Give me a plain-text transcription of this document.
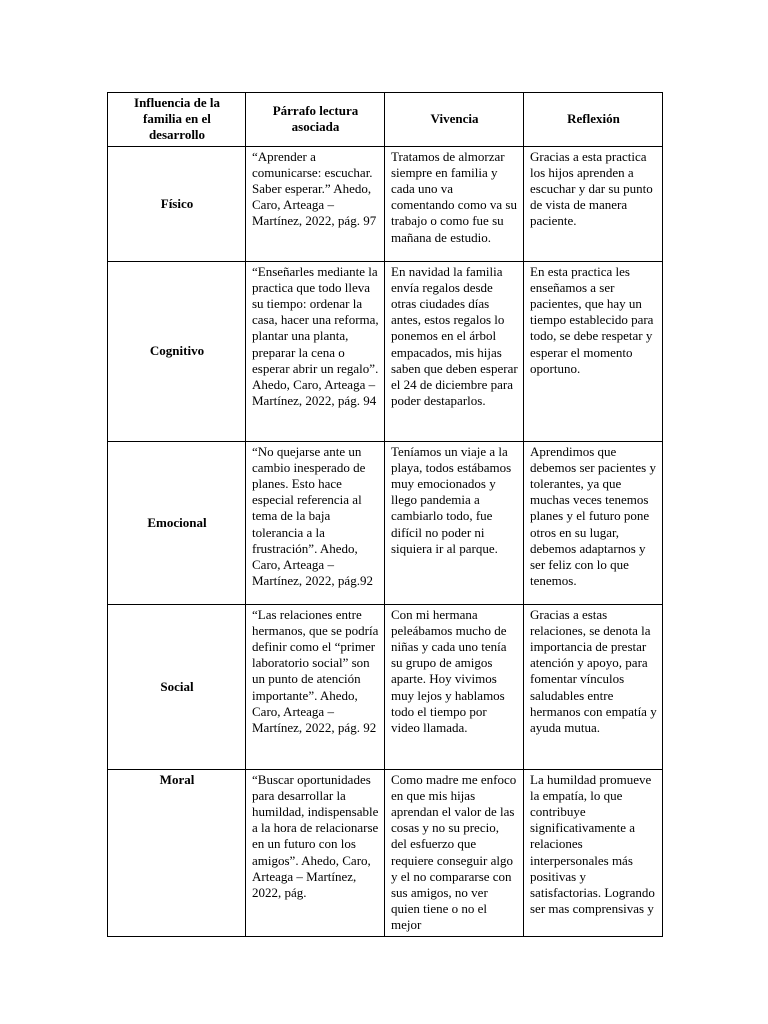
Influencia de la familia en el desarrollo	Párrafo lectura asociada	Vivencia	Reflexión
Físico	“Aprender a comunicarse: escuchar. Saber esperar.” Ahedo, Caro, Arteaga – Martínez, 2022, pág. 97	Tratamos de almorzar siempre en familia y cada uno va comentando como va su trabajo o como fue su mañana de estudio.	Gracias a esta practica los hijos aprenden a escuchar y dar su punto de vista de manera paciente.
Cognitivo	“Enseñarles mediante la practica que todo lleva su tiempo: ordenar la casa, hacer una reforma, plantar una planta, preparar la cena o esperar abrir un regalo”. Ahedo, Caro, Arteaga – Martínez, 2022, pág. 94	En navidad la familia envía regalos desde otras ciudades días antes, estos regalos lo ponemos en el árbol empacados, mis hijas saben que deben esperar el 24 de diciembre para poder destaparlos.	En esta practica les enseñamos a ser pacientes, que hay un tiempo establecido para todo, se debe respetar y esperar el momento oportuno.
Emocional	“No quejarse ante un cambio inesperado de planes. Esto hace especial referencia al tema de la baja tolerancia a la frustración”. Ahedo, Caro, Arteaga – Martínez, 2022, pág.92	Teníamos un viaje a la playa, todos estábamos muy emocionados y llego pandemia a cambiarlo todo, fue difícil no poder ni siquiera ir al parque.	Aprendimos que debemos ser pacientes y tolerantes, ya que muchas veces tenemos planes y el futuro pone otros en su lugar, debemos adaptarnos y ser feliz con lo que tenemos.
Social	“Las relaciones entre hermanos, que se podría definir como el “primer laboratorio social” son un punto de atención importante”. Ahedo, Caro, Arteaga – Martínez, 2022, pág. 92	Con mi hermana peleábamos mucho de niñas y cada uno tenía su grupo de amigos aparte. Hoy vivimos muy lejos y hablamos todo el tiempo por video llamada.	Gracias a estas relaciones, se denota la importancia de prestar atención y apoyo, para fomentar vínculos saludables entre hermanos con empatía y ayuda mutua.
Moral	“Buscar oportunidades para desarrollar la humildad, indispensable a la hora de relacionarse en un futuro con los amigos”. Ahedo, Caro, Arteaga – Martínez, 2022, pág.	Como madre me enfoco en que mis hijas aprendan el valor de las cosas y no su precio, del esfuerzo que requiere conseguir algo y el no compararse con sus amigos, no ver quien tiene o no el mejor	La humildad promueve la empatía, lo que contribuye significativamente a relaciones interpersonales más positivas y satisfactorias. Logrando ser mas comprensivas y
